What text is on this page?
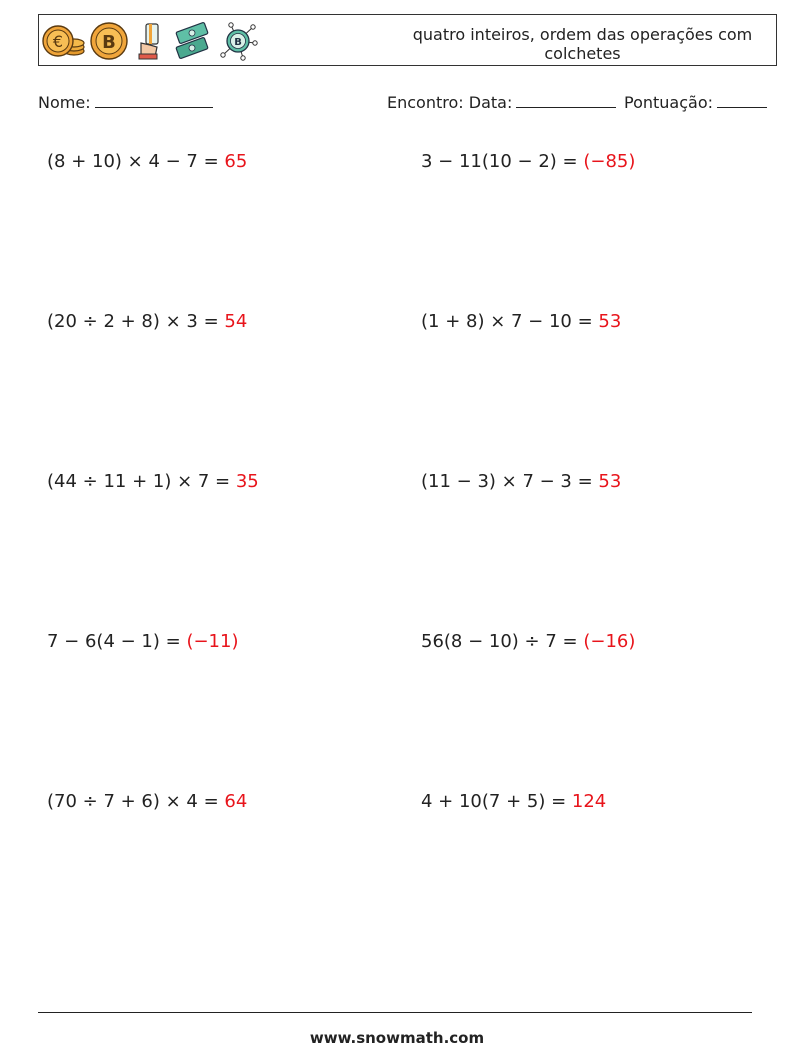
€ B	B	quatro inteiros, ordem das operações com colchetes
Nome:	Encontro: Data:	Pontuação:
(8 + 10) × 4 − 7 = 65	3 − 11(10 − 2) = (−85)
(20 ÷ 2 + 8) × 3 = 54	(1 + 8) × 7 − 10 = 53
(44 ÷ 11 + 1) × 7 = 35	(11 − 3) × 7 − 3 = 53
7 − 6(4 − 1) = (−11)	56(8 − 10) ÷ 7 = (−16)
(70 ÷ 7 + 6) × 4 = 64	4 + 10(7 + 5) = 124
www.snowmath.com
